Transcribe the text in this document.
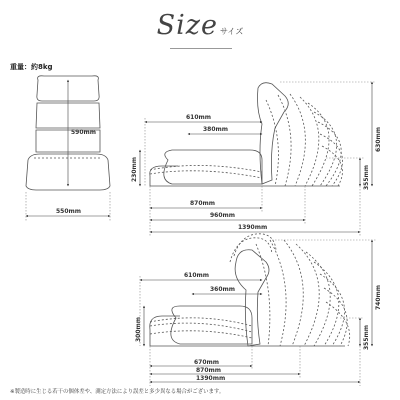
Size サイズ
重量：約8kg
590mm
550mm
610mm
380mm
230mm
630mm
355mm
870mm
960mm
1390mm
610mm
360mm
300mm
740mm
355mm
670mm
870mm
1390mm
※製造時に生じる若干の個体差や、測定方法により誤差と多少異なる場合がございます。
